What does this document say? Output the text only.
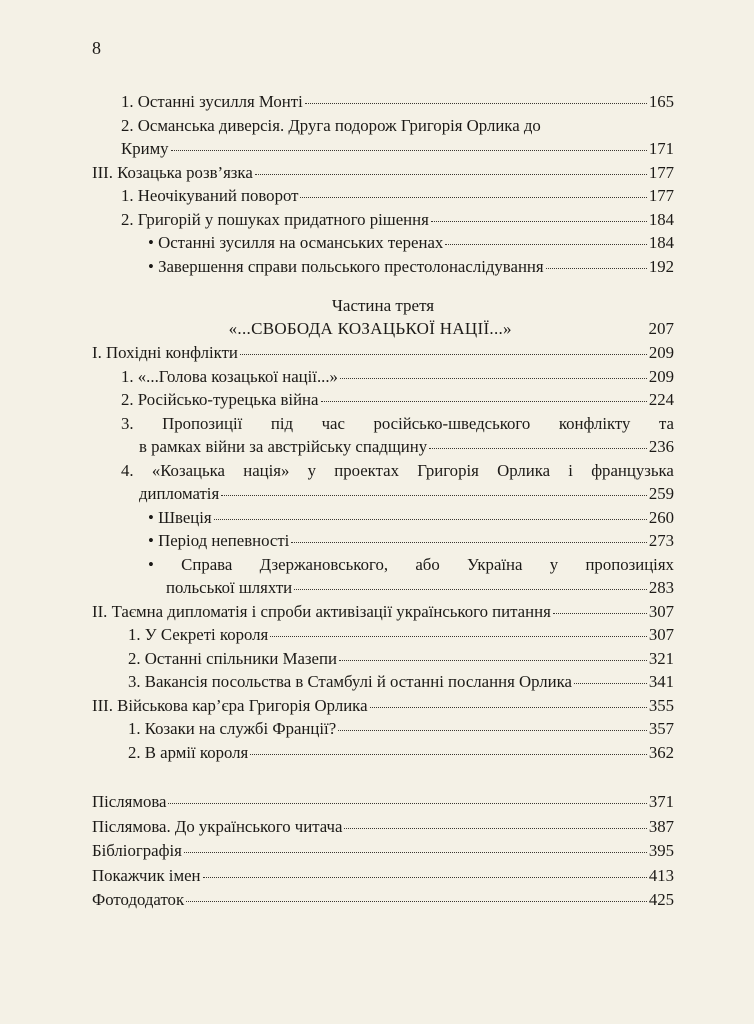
8
1. Останні зусилля Монті	165
2. Османська диверсія. Друга подорож Григорія Орлика до
Криму	171
III. Козацька розв’язка	177
1. Неочікуваний поворот	177
2. Григорій у пошуках придатного рішення	184
• Останні зусилля на османських теренах	184
• Завершення справи польського престолонаслідування	192
Частина третя
«...СВОБОДА КОЗАЦЬКОЇ НАЦІЇ...»	207
I. Похідні конфлікти	209
1. «...Голова козацької нації...»	209
2. Російсько-турецька війна	224
3. Пропозиції під час російсько-шведського конфлікту та
в рамках війни за австрійську спадщину	236
4. «Козацька нація» у проектах Григорія Орлика і французька
дипломатія	259
• Швеція	260
• Період непевності	273
• Справа Дзержановського, або Україна у пропозиціях
польської шляхти	283
II. Таємна дипломатія і спроби активізації українського питання	307
1. У Секреті короля	307
2. Останні спільники Мазепи	321
3. Вакансія посольства в Стамбулі й останні послання Орлика	341
III. Військова кар’єра Григорія Орлика	355
1. Козаки на службі Франції?	357
2. В армії короля	362
Післямова	371
Післямова. До українського читача	387
Бібліографія	395
Покажчик імен	413
Фотододаток	425
